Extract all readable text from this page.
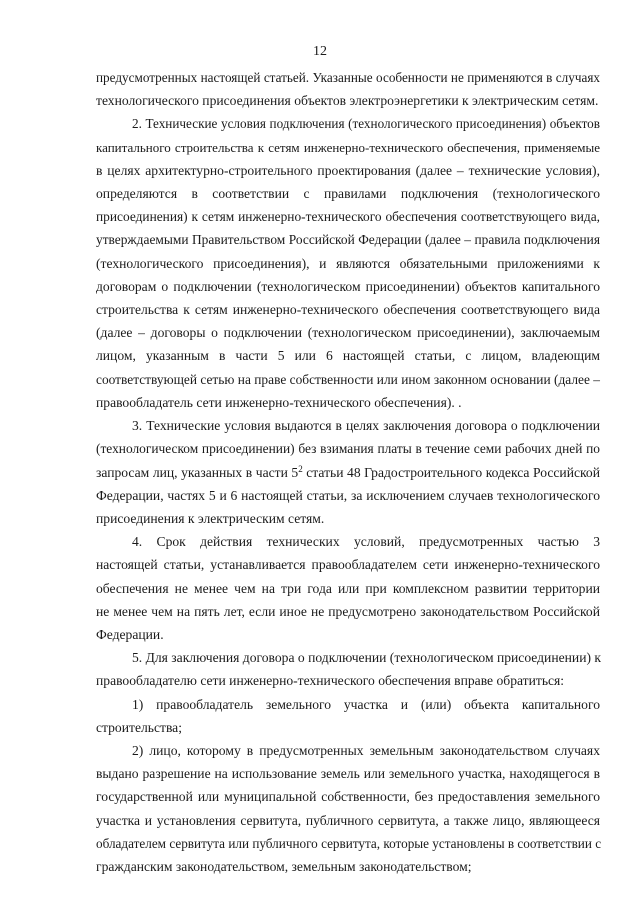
12
предусмотренных настоящей статьей. Указанные особенности не применяются в случаях
технологического присоединения объектов электроэнергетики к электрическим сетям.
2. Технические условия подключения (технологического присоединения) объектов
капитального строительства к сетям инженерно-технического обеспечения, применяемые
в целях архитектурно-строительного проектирования (далее – технические условия),
определяются в соответствии с правилами подключения (технологического
присоединения) к сетям инженерно-технического обеспечения соответствующего вида,
утверждаемыми Правительством Российской Федерации (далее – правила подключения
(технологического присоединения), и являются обязательными приложениями к
договорам о подключении (технологическом присоединении) объектов капитального
строительства к сетям инженерно-технического обеспечения соответствующего вида
(далее – договоры о подключении (технологическом присоединении), заключаемым
лицом, указанным в части 5 или 6 настоящей статьи, с лицом, владеющим
соответствующей сетью на праве собственности или ином законном основании (далее –
правообладатель сети инженерно-технического обеспечения). .
3. Технические условия выдаются в целях заключения договора о подключении
(технологическом присоединении) без взимания платы в течение семи рабочих дней по
запросам лиц, указанных в части $5^2$ статьи 48 Градостроительного кодекса Российской
Федерации, частях 5 и 6 настоящей статьи, за исключением случаев технологического
присоединения к электрическим сетям.
4. Срок действия технических условий, предусмотренных частью 3
настоящей статьи, устанавливается правообладателем сети инженерно-технического
обеспечения не менее чем на три года или при комплексном развитии территории
не менее чем на пять лет, если иное не предусмотрено законодательством Российской
Федерации.
5. Для заключения договора о подключении (технологическом присоединении) к
правообладателю сети инженерно-технического обеспечения вправе обратиться:
1) правообладатель земельного участка и (или) объекта капитального
строительства;
2) лицо, которому в предусмотренных земельным законодательством случаях
выдано разрешение на использование земель или земельного участка, находящегося в
государственной или муниципальной собственности, без предоставления земельного
участка и установления сервитута, публичного сервитута, а также лицо, являющееся
обладателем сервитута или публичного сервитута, которые установлены в соответствии с
гражданским законодательством, земельным законодательством;
